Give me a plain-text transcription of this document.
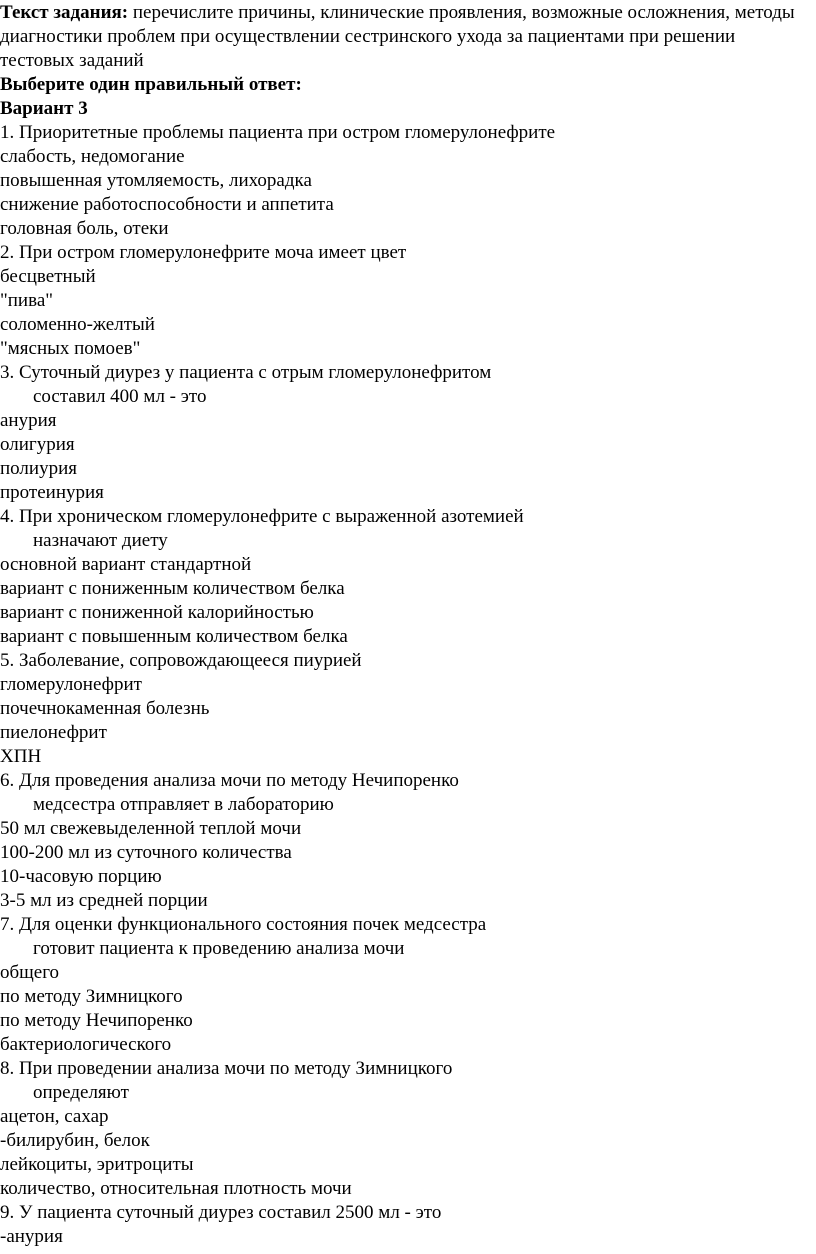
Текст задания: перечислите причины, клинические проявления, возможные осложнения, методы диагностики проблем при осуществлении сестринского ухода за пациентами при решении тестовых заданий

Выберите один правильный ответ:

Вариант 3

1. Приоритетные проблемы пациента при остром гломерулонефрите

слабость, недомогание

повышенная утомляемость, лихорадка

снижение работоспособности и аппетита

головная боль, отеки

2. При остром гломерулонефрите моча имеет цвет

бесцветный

"пива"

соломенно-желтый

"мясных помоев"

3. Суточный диурез у пациента с отрым гломерулонефритом

составил 400 мл - это

анурия

олигурия

полиурия

протеинурия

4. При хроническом гломерулонефрите с выраженной азотемией

назначают диету

основной вариант стандартной

вариант с пониженным количеством белка

вариант с пониженной калорийностью

вариант с повышенным количеством белка

5. Заболевание, сопровождающееся пиурией

гломерулонефрит

почечнокаменная болезнь

пиелонефрит

ХПН

6. Для проведения анализа мочи по методу Нечипоренко

медсестра отправляет в лабораторию

50 мл свежевыделенной теплой мочи

100-200 мл из суточного количества

10-часовую порцию

3-5 мл из средней порции

7. Для оценки функционального состояния почек медсестра

готовит пациента к проведению анализа мочи

общего

по методу Зимницкого

по методу Нечипоренко

бактериологического

8. При проведении анализа мочи по методу Зимницкого

определяют

ацетон, сахар

-билирубин, белок

лейкоциты, эритроциты

количество, относительная плотность мочи

9. У пациента суточный диурез составил 2500 мл - это

-анурия
